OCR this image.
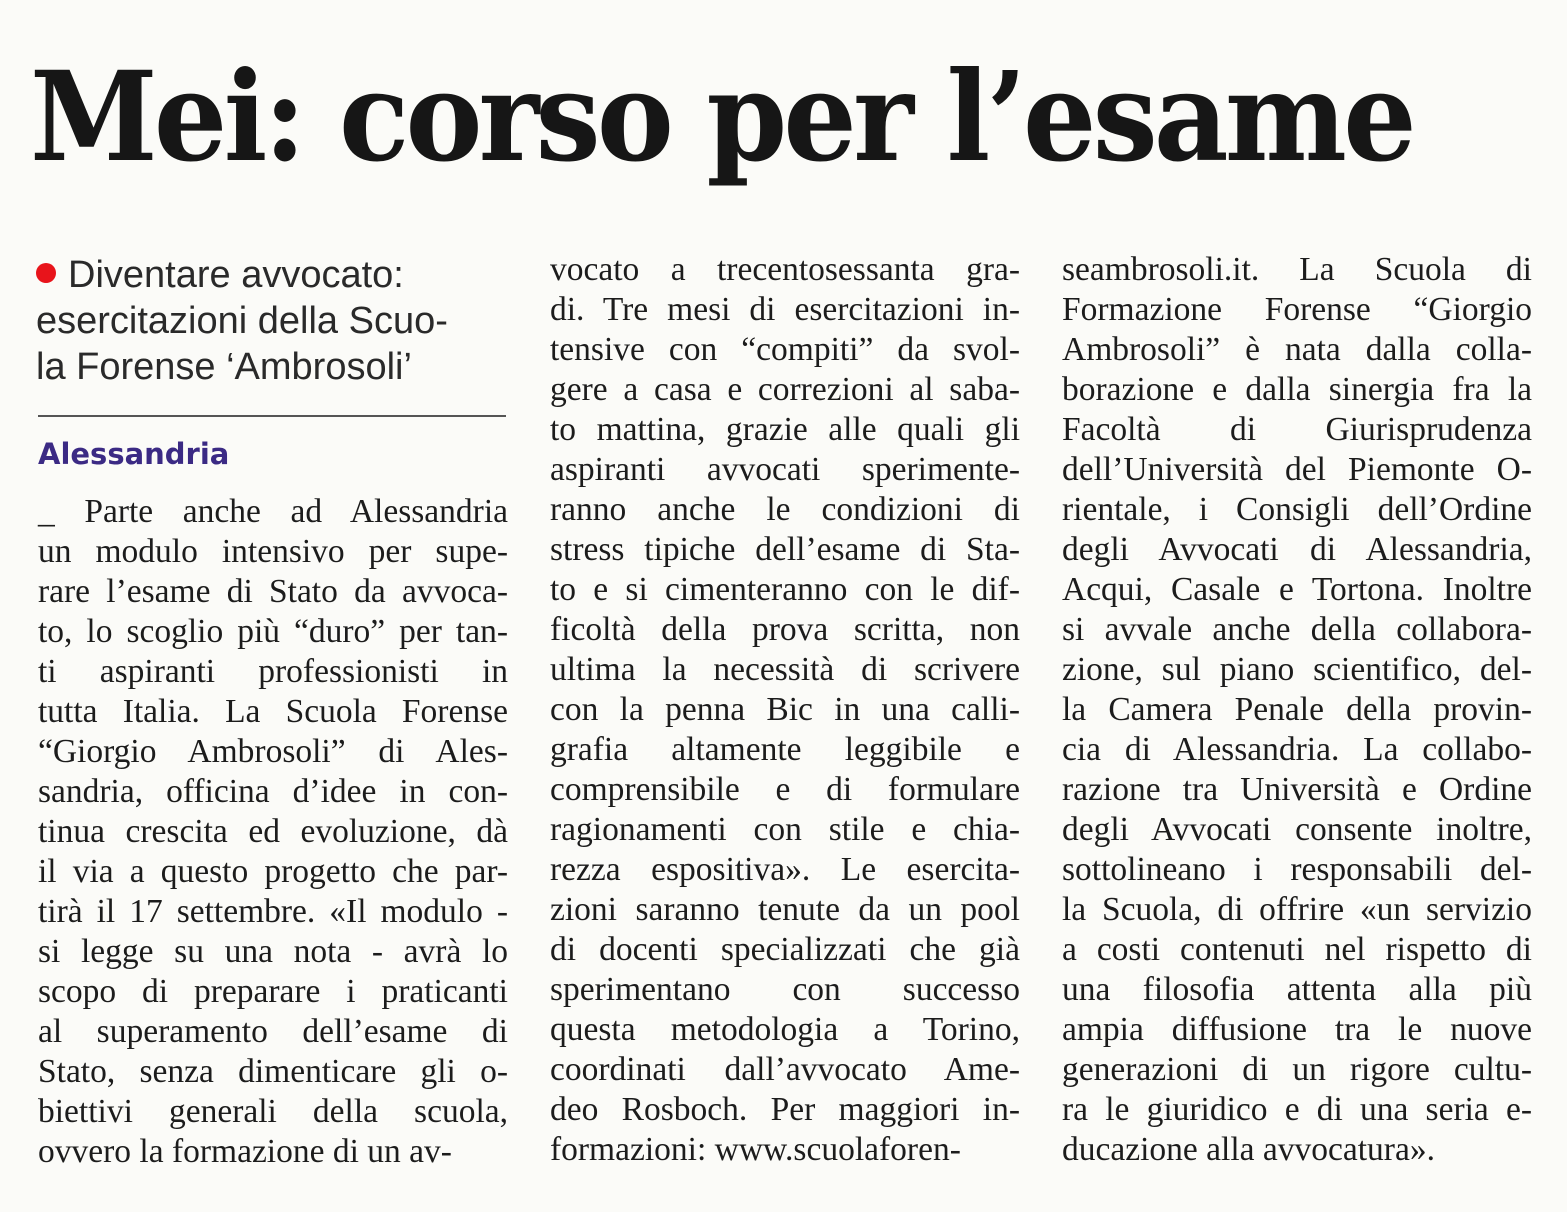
Mei: corso per l’esame
Diventare avvocato:
esercitazioni della Scuo-
la Forense ‘Ambrosoli’

Alessandria

_ Parte anche ad Alessandria
un modulo intensivo per supe-
rare l’esame di Stato da avvoca-
to, lo scoglio più “duro” per tan-
ti aspiranti professionisti in
tutta Italia. La Scuola Forense
“Giorgio Ambrosoli” di Ales-
sandria, officina d’idee in con-
tinua crescita ed evoluzione, dà
il via a questo progetto che par-
tirà il 17 settembre. «Il modulo -
si legge su una nota - avrà lo
scopo di preparare i praticanti
al superamento dell’esame di
Stato, senza dimenticare gli o-
biettivi generali della scuola,
ovvero la formazione di un av-
vocato a trecentosessanta gra-
di. Tre mesi di esercitazioni in-
tensive con “compiti” da svol-
gere a casa e correzioni al saba-
to mattina, grazie alle quali gli
aspiranti avvocati sperimente-
ranno anche le condizioni di
stress tipiche dell’esame di Sta-
to e si cimenteranno con le dif-
ficoltà della prova scritta, non
ultima la necessità di scrivere
con la penna Bic in una calli-
grafia altamente leggibile e
comprensibile e di formulare
ragionamenti con stile e chia-
rezza espositiva». Le esercita-
zioni saranno tenute da un pool
di docenti specializzati che già
sperimentano con successo
questa metodologia a Torino,
coordinati dall’avvocato Ame-
deo Rosboch. Per maggiori in-
formazioni: www.scuolaforen-
seambrosoli.it. La Scuola di
Formazione Forense “Giorgio
Ambrosoli” è nata dalla colla-
borazione e dalla sinergia fra la
Facoltà di Giurisprudenza
dell’Università del Piemonte O-
rientale, i Consigli dell’Ordine
degli Avvocati di Alessandria,
Acqui, Casale e Tortona. Inoltre
si avvale anche della collabora-
zione, sul piano scientifico, del-
la Camera Penale della provin-
cia di Alessandria. La collabo-
razione tra Università e Ordine
degli Avvocati consente inoltre,
sottolineano i responsabili del-
la Scuola, di offrire «un servizio
a costi contenuti nel rispetto di
una filosofia attenta alla più
ampia diffusione tra le nuove
generazioni di un rigore cultu-
ra le giuridico e di una seria e-
ducazione alla avvocatura».
